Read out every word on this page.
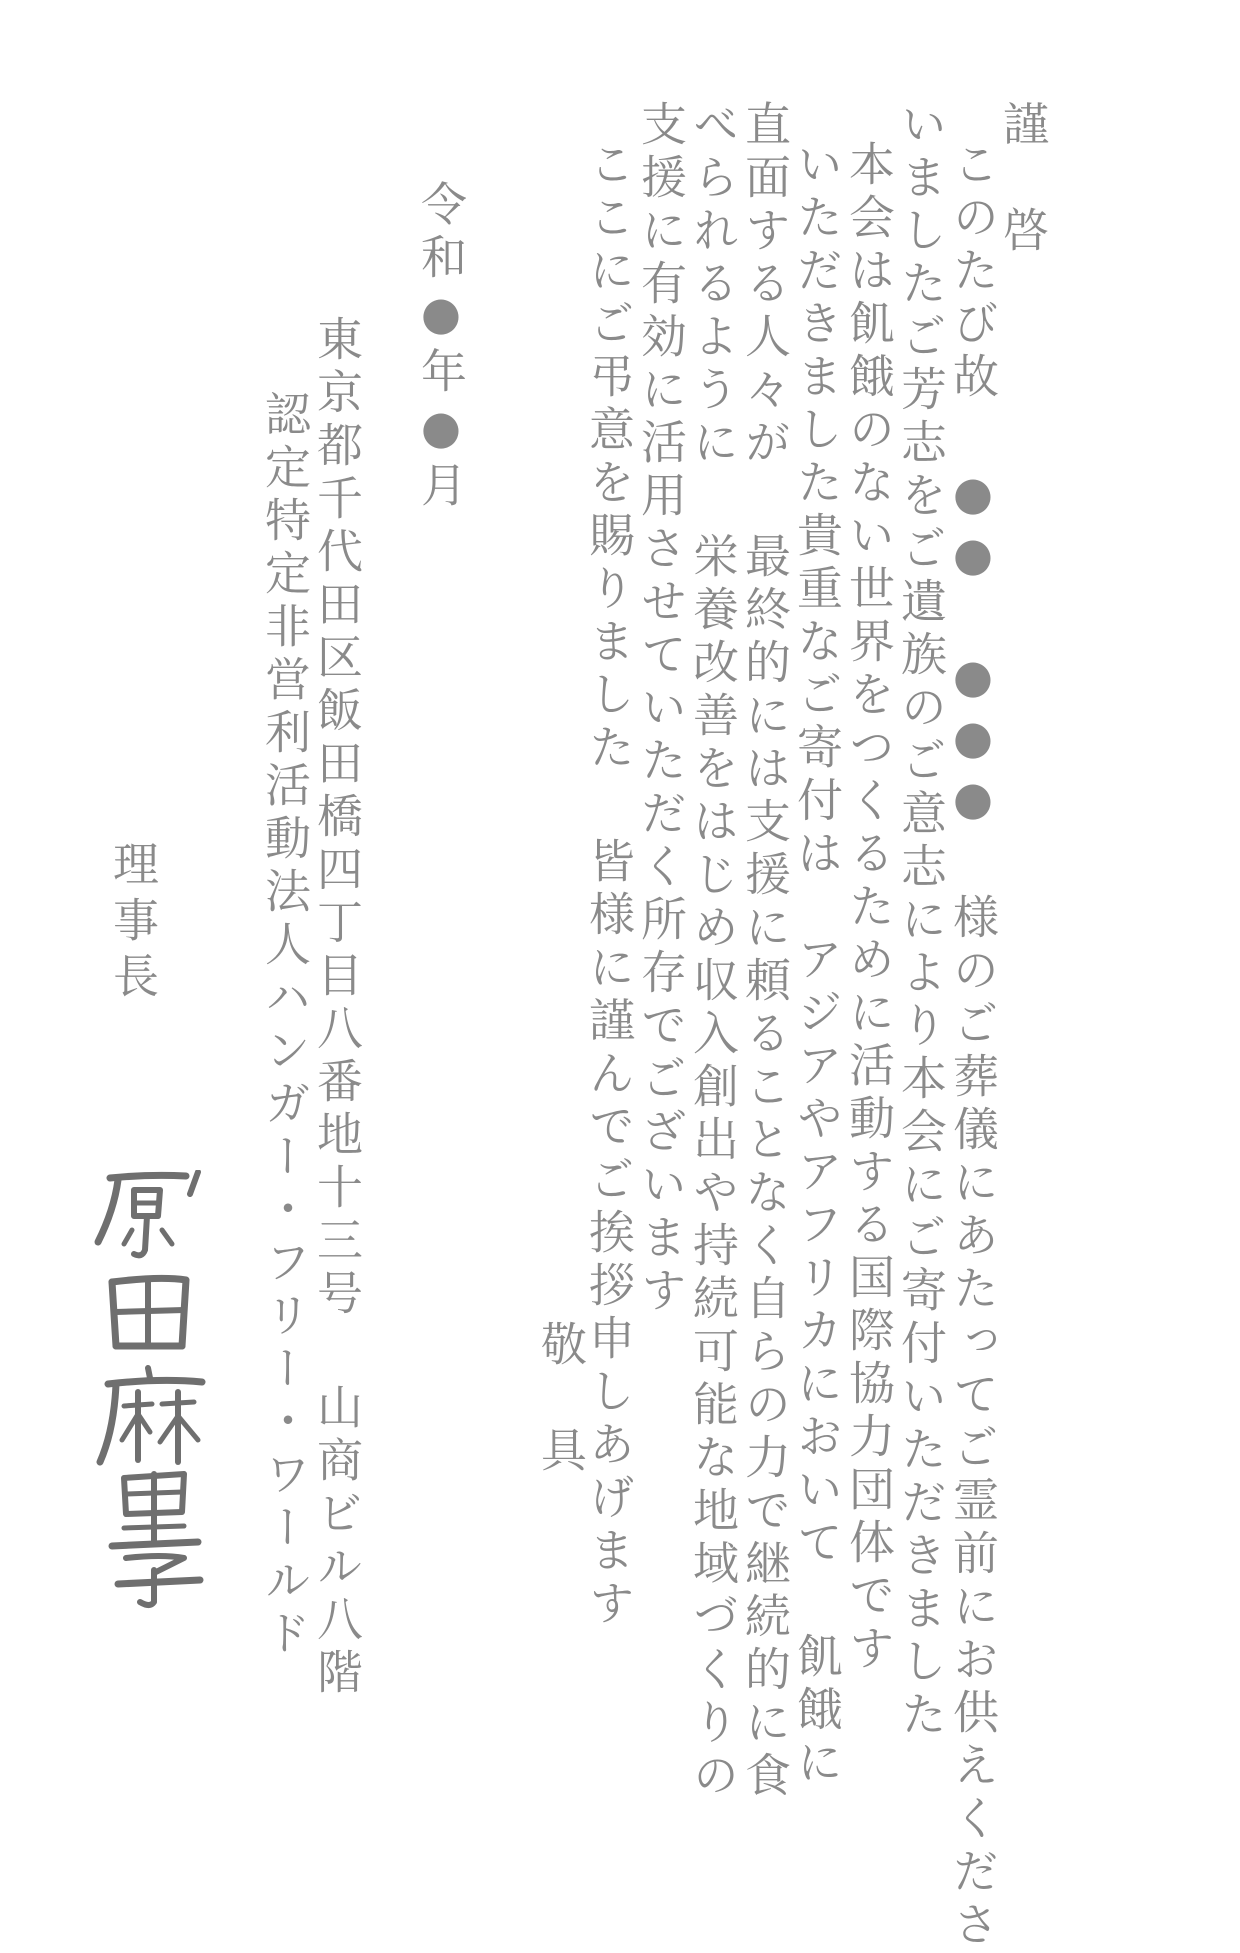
謹　啓
このたび故 ●● ●●● 様のご葬儀にあたってご霊前にお供えくださ
いましたご芳志をご遺族のご意志により本会にご寄付いただきました
本会は飢餓のない世界をつくるために活動する国際協力団体です
いただきました貴重なご寄付は　アジアやアフリカにおいて 飢餓に
直面する人々が 最終的には支援に頼ることなく自らの力で継続的に食
べられるように 栄養改善をはじめ収入創出や持続可能な地域づくりの
支援に有効に活用させていただく所存でございます
ここにご弔意を賜りました 皆様に謹んでご挨拶申しあげます
敬　具
令和●年●月
東京都千代田区飯田橋四丁目八番地十三号 山商ビル八階
認定特定非営利活動法人ハンガー・フリー・ワールド
理事長
